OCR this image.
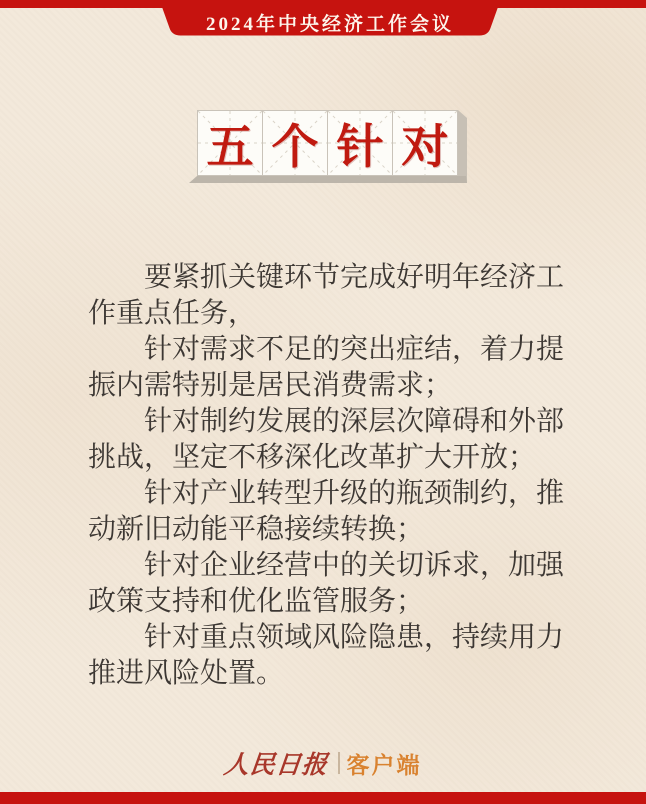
2024年中央经济工作会议
五 个 针 对

要紧抓关键环节完成好明年经济工作重点任务，

针对需求不足的突出症结，着力提振内需特别是居民消费需求；

针对制约发展的深层次障碍和外部挑战，坚定不移深化改革扩大开放；

针对产业转型升级的瓶颈制约，推动新旧动能平稳接续转换；

针对企业经营中的关切诉求，加强政策支持和优化监管服务；

针对重点领域风险隐患，持续用力推进风险处置。

人民日报 客户端
